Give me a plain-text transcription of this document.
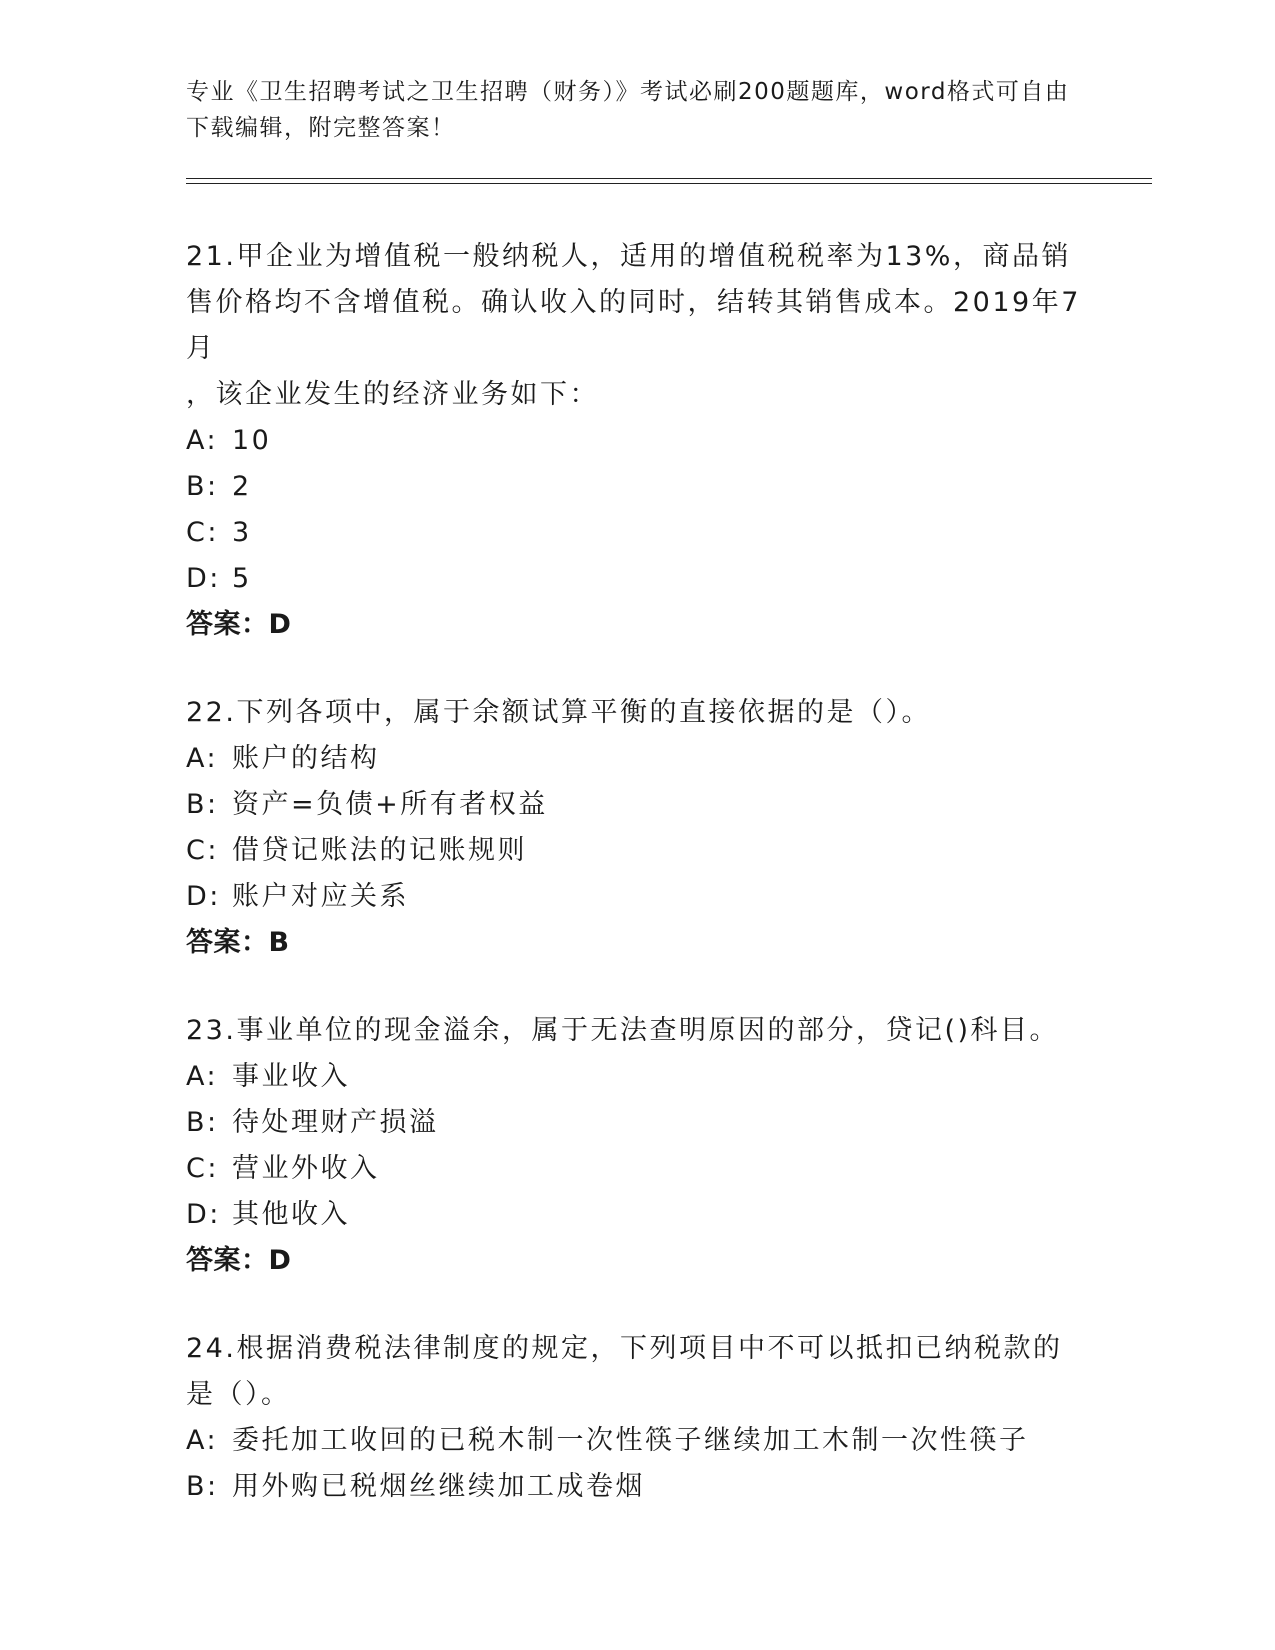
专业《卫生招聘考试之卫生招聘（财务）》考试必刷200题题库，word格式可自由下载编辑，附完整答案！
21.甲企业为增值税一般纳税人，适用的增值税税率为13%，商品销售价格均不含增值税。确认收入的同时，结转其销售成本。2019年7月
，该企业发生的经济业务如下：
A: 10
B: 2
C: 3
D: 5
答案：D
22.下列各项中，属于余额试算平衡的直接依据的是（）。
A: 账户的结构
B: 资产=负债+所有者权益
C: 借贷记账法的记账规则
D: 账户对应关系
答案：B
23.事业单位的现金溢余，属于无法查明原因的部分，贷记()科目。
A: 事业收入
B: 待处理财产损溢
C: 营业外收入
D: 其他收入
答案：D
24.根据消费税法律制度的规定，下列项目中不可以抵扣已纳税款的是（）。
A: 委托加工收回的已税木制一次性筷子继续加工木制一次性筷子
B: 用外购已税烟丝继续加工成卷烟
